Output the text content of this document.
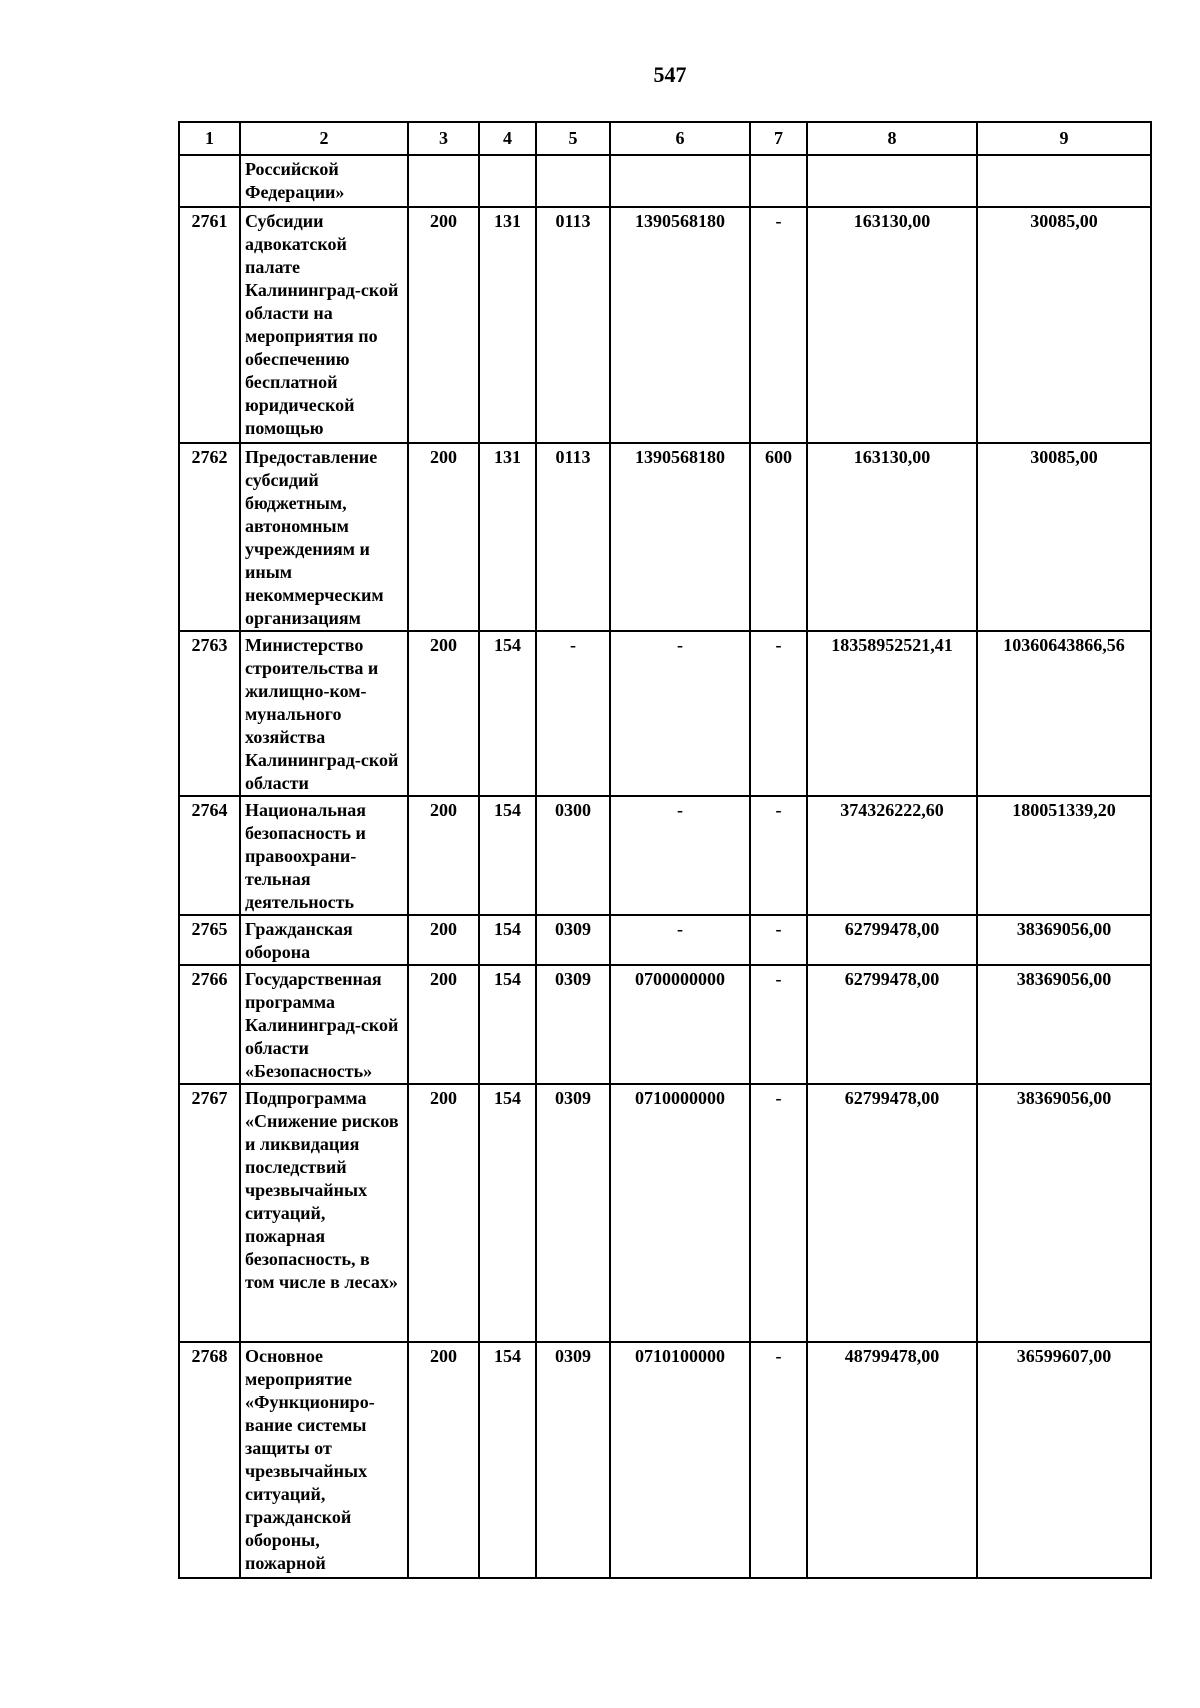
547
1	2	3	4	5	6	7	8	9
	Российской Федерации»							
2761	Субсидии адвокатской палате Калининград-ской области на мероприятия по обеспечению бесплатной юридической помощью	200	131	0113	1390568180	-	163130,00	30085,00
2762	Предоставление субсидий бюджетным, автономным учреждениям и иным некоммерческим организациям	200	131	0113	1390568180	600	163130,00	30085,00
2763	Министерство строительства и жилищно-ком-мунального хозяйства Калининград-ской области	200	154	-	-	-	18358952521,41	10360643866,56
2764	Национальная безопасность и правоохрани-тельная деятельность	200	154	0300	-	-	374326222,60	180051339,20
2765	Гражданская оборона	200	154	0309	-	-	62799478,00	38369056,00
2766	Государственная программа Калининград-ской области «Безопасность»	200	154	0309	0700000000	-	62799478,00	38369056,00
2767	Подпрограмма «Снижение рисков и ликвидация последствий чрезвычайных ситуаций, пожарная безопасность, в том числе в лесах»	200	154	0309	0710000000	-	62799478,00	38369056,00
2768	Основное мероприятие «Функциониро-вание системы защиты от чрезвычайных ситуаций, гражданской обороны, пожарной	200	154	0309	0710100000	-	48799478,00	36599607,00
